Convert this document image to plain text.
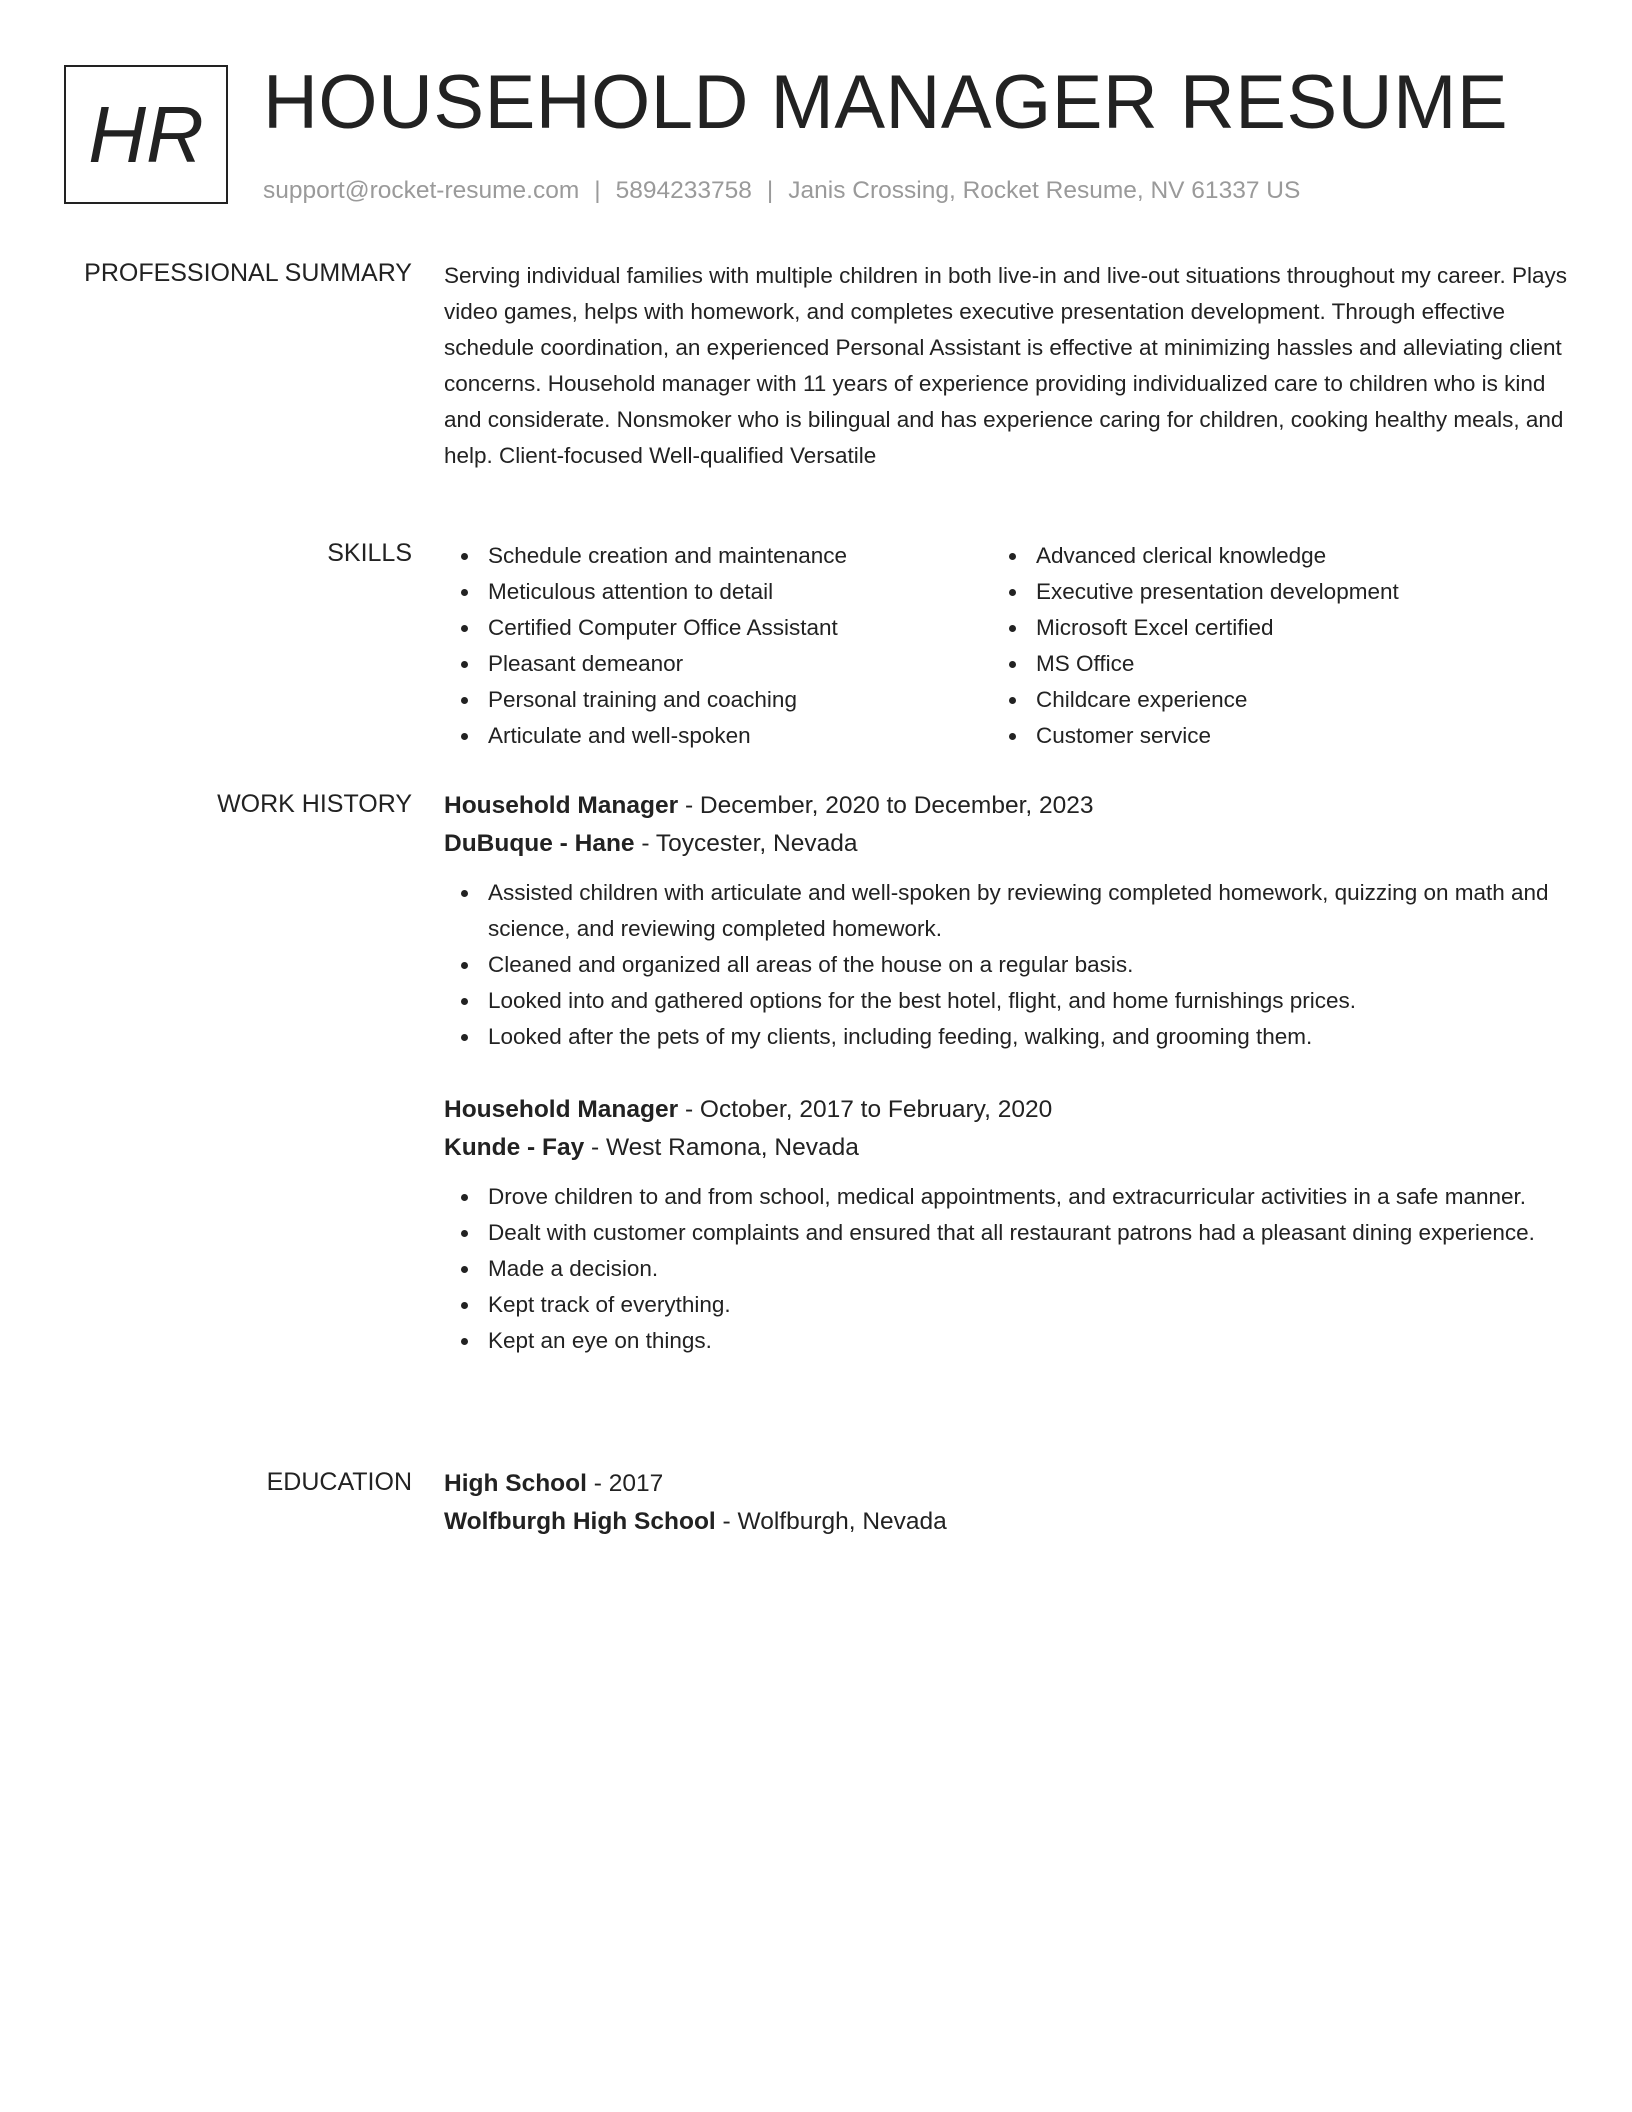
HR HOUSEHOLD MANAGER RESUME
support@rocket-resume.com | 5894233758 | Janis Crossing, Rocket Resume, NV 61337 US
PROFESSIONAL SUMMARY Serving individual families with multiple children in both live-in and live-out situations throughout my career. Plays video games, helps with homework, and completes executive presentation development. Through effective schedule coordination, an experienced Personal Assistant is effective at minimizing hassles and alleviating client concerns. Household manager with 11 years of experience providing individualized care to children who is kind and considerate. Nonsmoker who is bilingual and has experience caring for children, cooking healthy meals, and help. Client-focused Well-qualified Versatile

SKILLS	Schedule creation and maintenance
Meticulous attention to detail
Certified Computer Office Assistant
Pleasant demeanor
Personal training and coaching
Articulate and well-spoken
Advanced clerical knowledge
Executive presentation development
Microsoft Excel certified
MS Office
Childcare experience
Customer service
WORK HISTORY Household Manager - December, 2020 to December, 2023
DuBuque - Hane - Toycester, Nevada
Assisted children with articulate and well-spoken by reviewing completed homework, quizzing on math and science, and reviewing completed homework.
Cleaned and organized all areas of the house on a regular basis.
Looked into and gathered options for the best hotel, flight, and home furnishings prices.
Looked after the pets of my clients, including feeding, walking, and grooming them.
Household Manager - October, 2017 to February, 2020
Kunde - Fay - West Ramona, Nevada
Drove children to and from school, medical appointments, and extracurricular activities in a safe manner.
Dealt with customer complaints and ensured that all restaurant patrons had a pleasant dining experience.
Made a decision.
Kept track of everything.
Kept an eye on things.
EDUCATION High School - 2017
Wolfburgh High School - Wolfburgh, Nevada
